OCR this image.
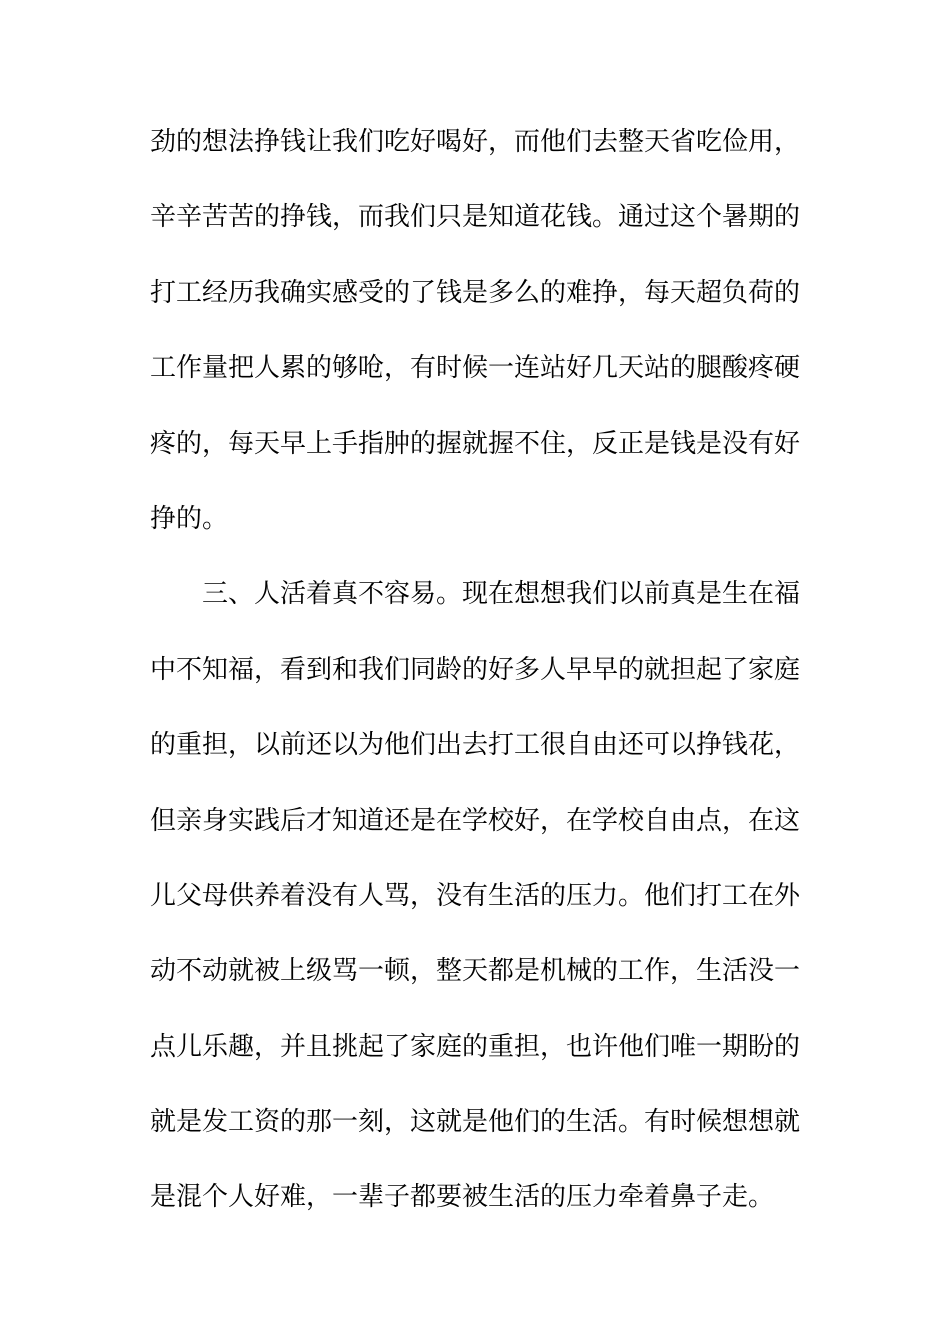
劲的想法挣钱让我们吃好喝好，而他们去整天省吃俭用，
辛辛苦苦的挣钱，而我们只是知道花钱。通过这个暑期的
打工经历我确实感受的了钱是多么的难挣，每天超负荷的
工作量把人累的够呛，有时候一连站好几天站的腿酸疼硬
疼的，每天早上手指肿的握就握不住，反正是钱是没有好
挣的。
三、人活着真不容易。现在想想我们以前真是生在福
中不知福，看到和我们同龄的好多人早早的就担起了家庭
的重担，以前还以为他们出去打工很自由还可以挣钱花，
但亲身实践后才知道还是在学校好，在学校自由点，在这
儿父母供养着没有人骂，没有生活的压力。他们打工在外
动不动就被上级骂一顿，整天都是机械的工作，生活没一
点儿乐趣，并且挑起了家庭的重担，也许他们唯一期盼的
就是发工资的那一刻，这就是他们的生活。有时候想想就
是混个人好难，一辈子都要被生活的压力牵着鼻子走。
